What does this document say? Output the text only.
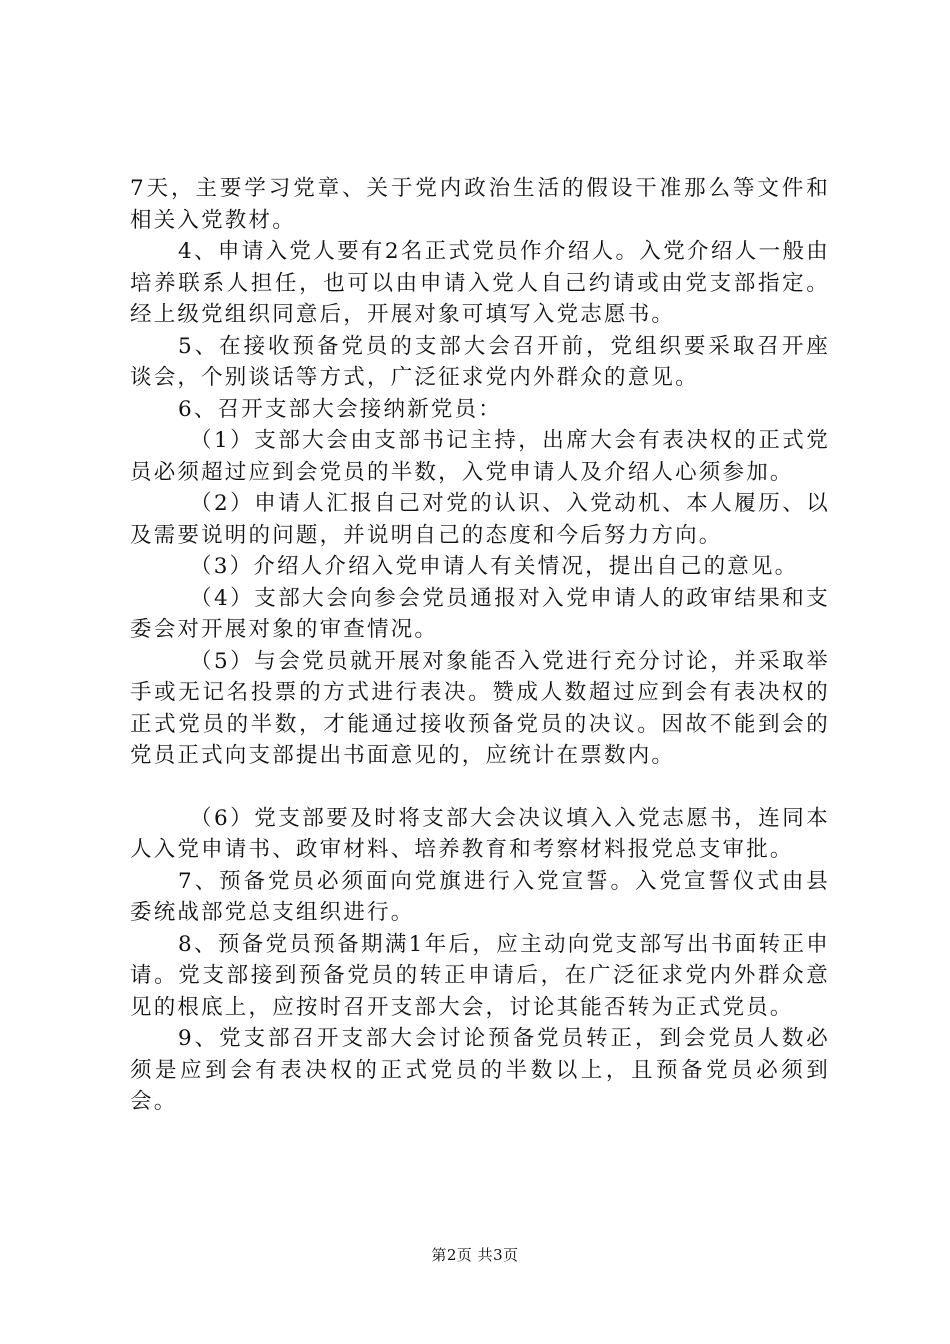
7天，主要学习党章、关于党内政治生活的假设干准那么等文件和相关入党教材。

4、申请入党人要有2名正式党员作介绍人。入党介绍人一般由培养联系人担任，也可以由申请入党人自己约请或由党支部指定。经上级党组织同意后，开展对象可填写入党志愿书。

5、在接收预备党员的支部大会召开前，党组织要采取召开座谈会，个别谈话等方式，广泛征求党内外群众的意见。

6、召开支部大会接纳新党员：

（1）支部大会由支部书记主持，出席大会有表决权的正式党员必须超过应到会党员的半数，入党申请人及介绍人心须参加。

（2）申请人汇报自己对党的认识、入党动机、本人履历、以及需要说明的问题，并说明自己的态度和今后努力方向。

（3）介绍人介绍入党申请人有关情况，提出自己的意见。

（4）支部大会向参会党员通报对入党申请人的政审结果和支委会对开展对象的审查情况。

（5）与会党员就开展对象能否入党进行充分讨论，并采取举手或无记名投票的方式进行表决。赞成人数超过应到会有表决权的正式党员的半数，才能通过接收预备党员的决议。因故不能到会的党员正式向支部提出书面意见的，应统计在票数内。

（6）党支部要及时将支部大会决议填入入党志愿书，连同本人入党申请书、政审材料、培养教育和考察材料报党总支审批。

7、预备党员必须面向党旗进行入党宣誓。入党宣誓仪式由县委统战部党总支组织进行。

8、预备党员预备期满1年后，应主动向党支部写出书面转正申请。党支部接到预备党员的转正申请后，在广泛征求党内外群众意见的根底上，应按时召开支部大会，讨论其能否转为正式党员。

9、党支部召开支部大会讨论预备党员转正，到会党员人数必须是应到会有表决权的正式党员的半数以上，且预备党员必须到会。

第2页 共3页
